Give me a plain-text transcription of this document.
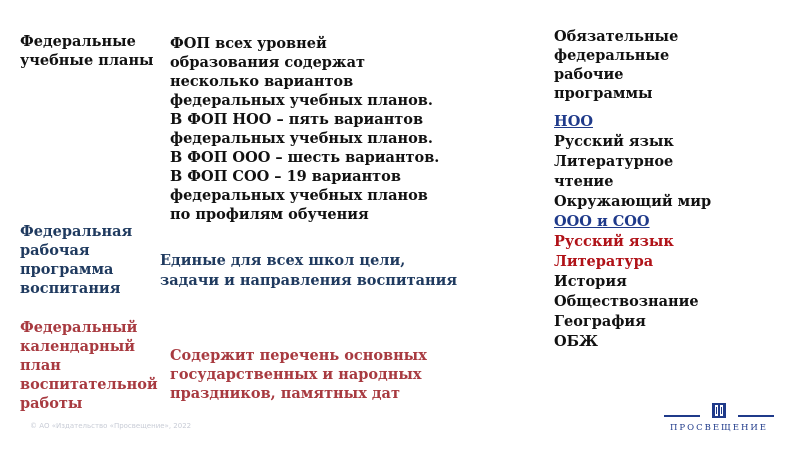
Федеральные учебные планы
Федеральная рабочая программа воспитания
Федеральный календарный план воспитательной работы
ФОП всех уровней образования содержат несколько вариантов федеральных учебных планов.
В ФОП НОО – пять вариантов федеральных учебных планов.
В ФОП ООО – шесть вариантов.
В ФОП СОО – 19 вариантов федеральных учебных планов по профилям обучения
Единые для всех школ цели, задачи и направления воспитания
Содержит перечень основных государственных и народных праздников, памятных дат
Обязательные федеральные рабочие программы
НОО
Русский язык
Литературное чтение
Окружающий мир
ООО и СОО
Русский язык
Литература
История
Обществознание
География
ОБЖ
© АО «Издательство «Просвещение», 2022	ПРОСВЕЩЕНИЕ
